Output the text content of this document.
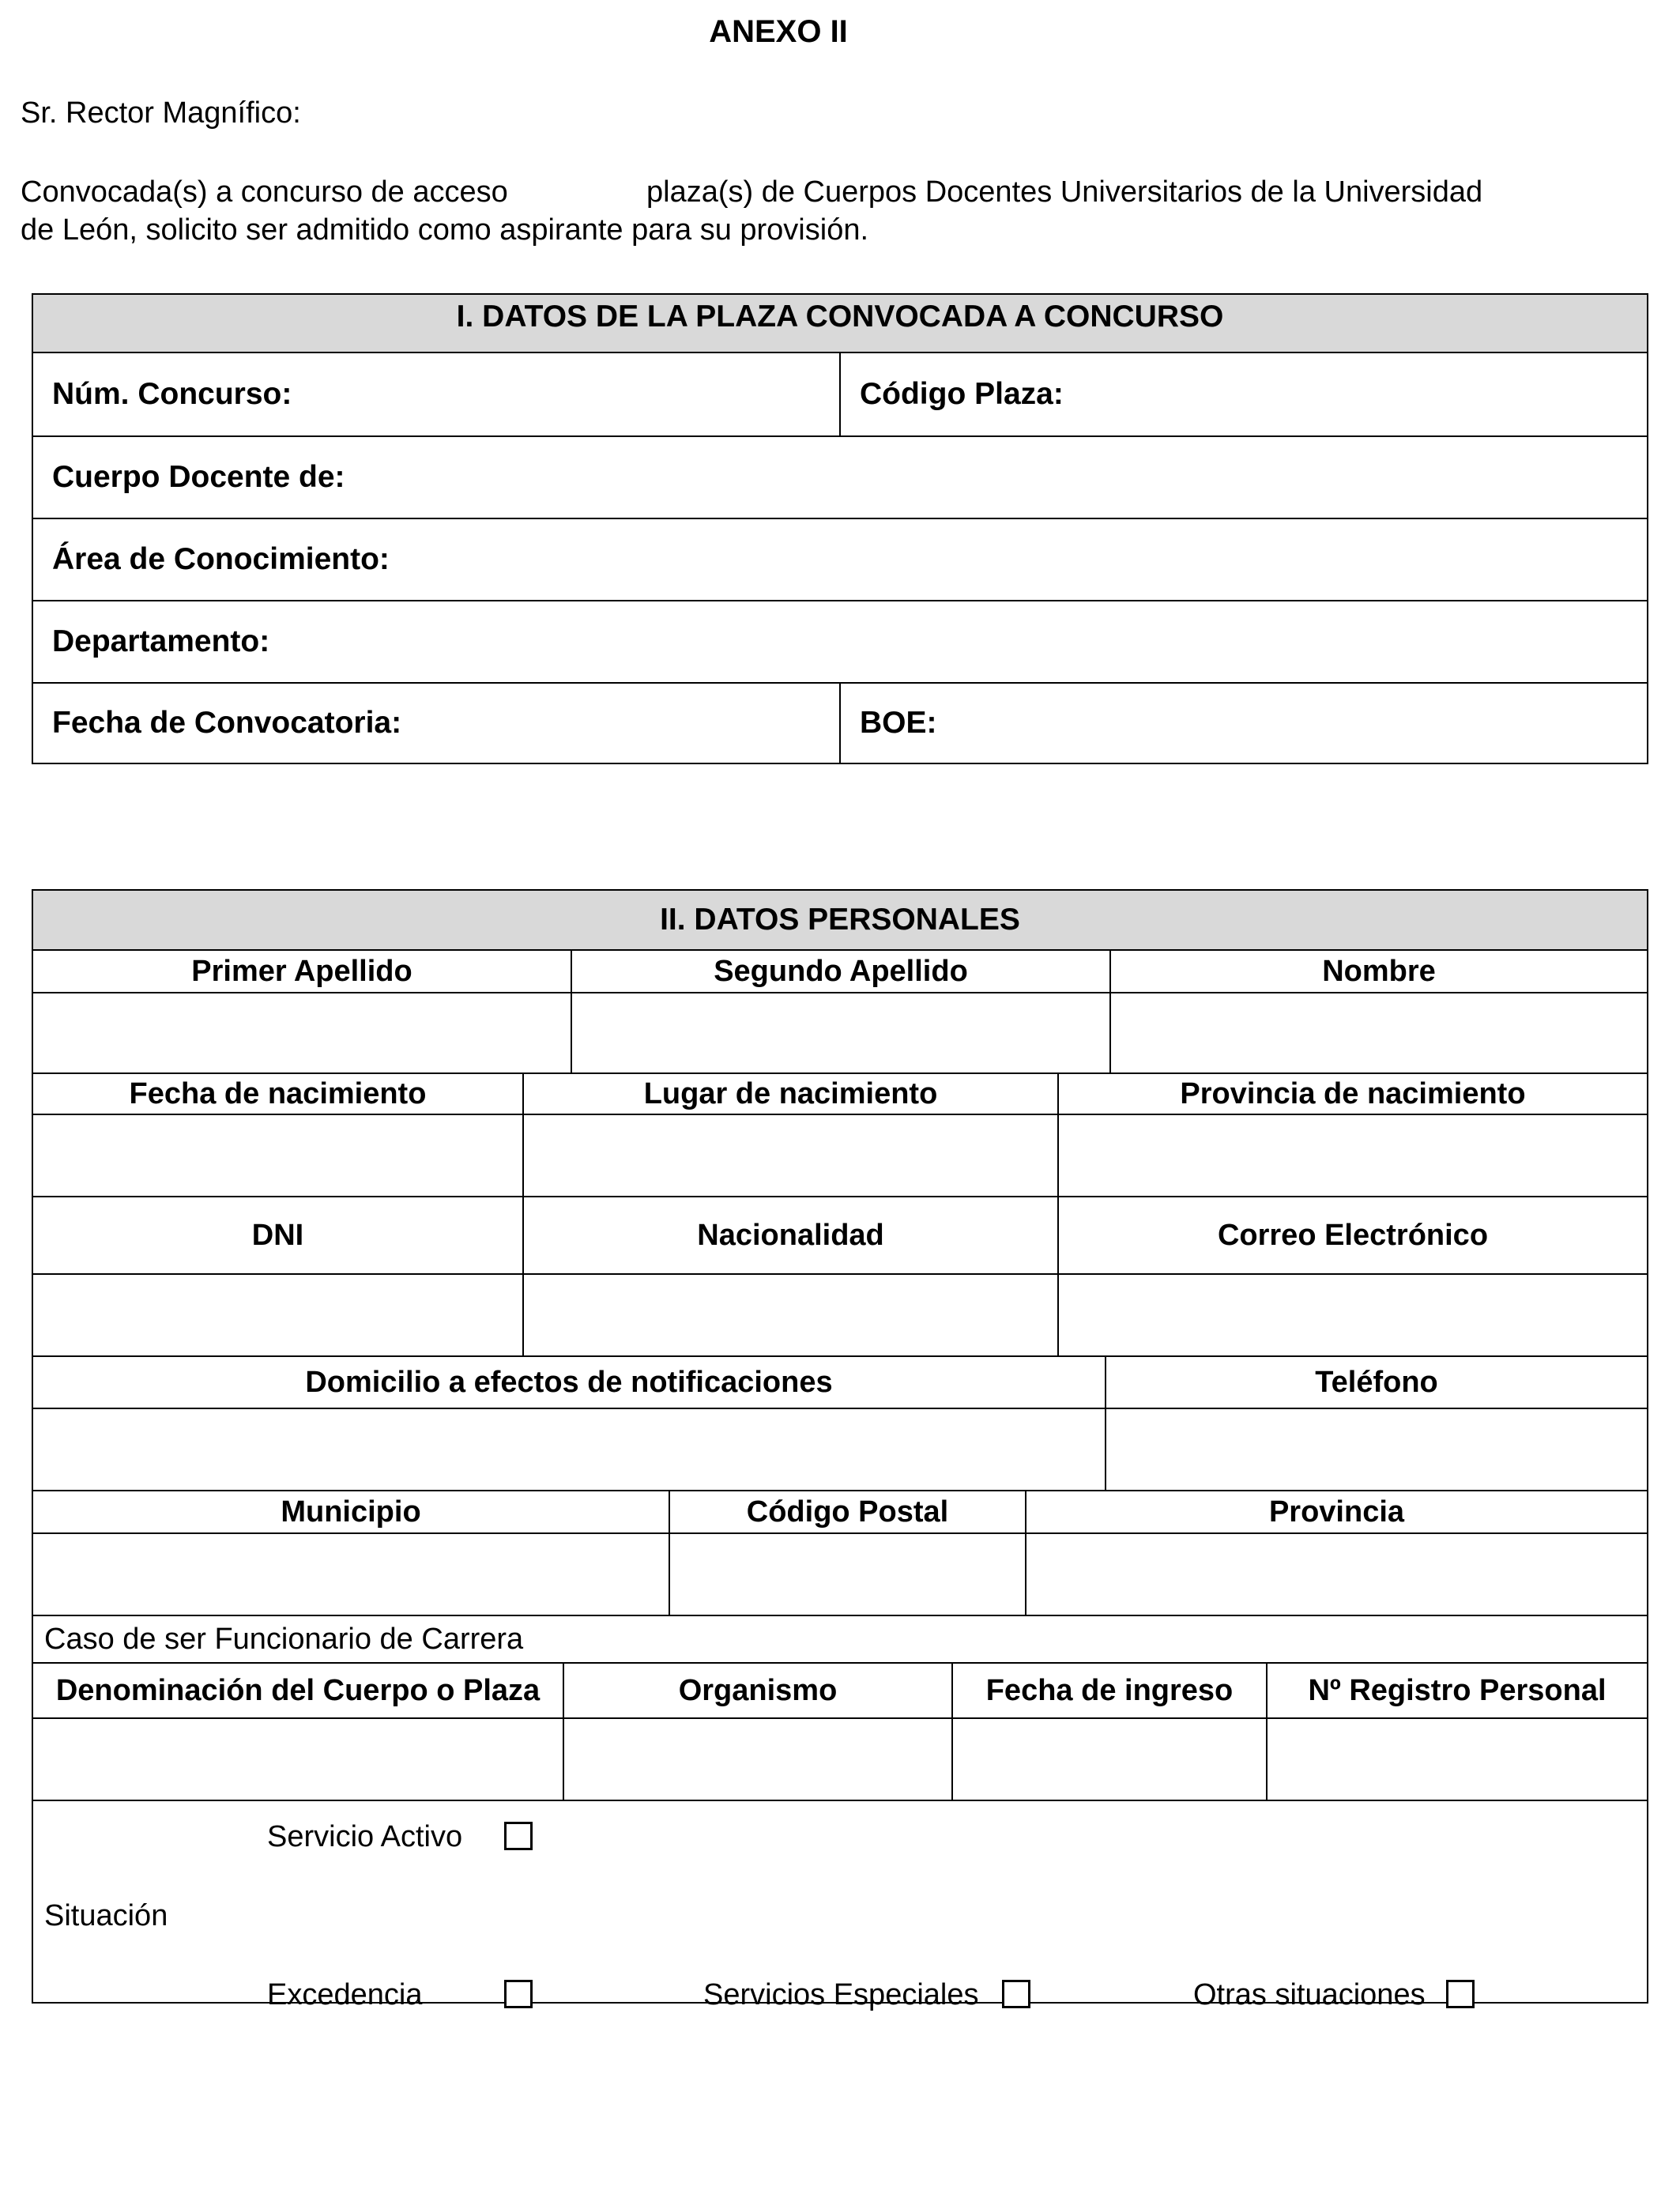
ANEXO II
Sr. Rector Magnífico:
Convocada(s) a concurso de acceso	plaza(s) de Cuerpos Docentes Universitarios de la Universidad
de León, solicito ser admitido como aspirante para su provisión.
I. DATOS DE LA PLAZA CONVOCADA A CONCURSO
Núm. Concurso:	Código Plaza:
Cuerpo Docente de:
Área de Conocimiento:
Departamento:
Fecha de Convocatoria:	BOE:
II. DATOS PERSONALES
Primer Apellido	Segundo Apellido	Nombre
Fecha de nacimiento	Lugar de nacimiento	Provincia de nacimiento
DNI	Nacionalidad	Correo Electrónico
Domicilio a efectos de notificaciones	Teléfono
Municipio	Código Postal	Provincia
Caso de ser Funcionario de Carrera
Denominación del Cuerpo o Plaza	Organismo	Fecha de ingreso	Nº Registro Personal
Servicio Activo
Situación
Excedencia	Servicios Especiales	Otras situaciones
